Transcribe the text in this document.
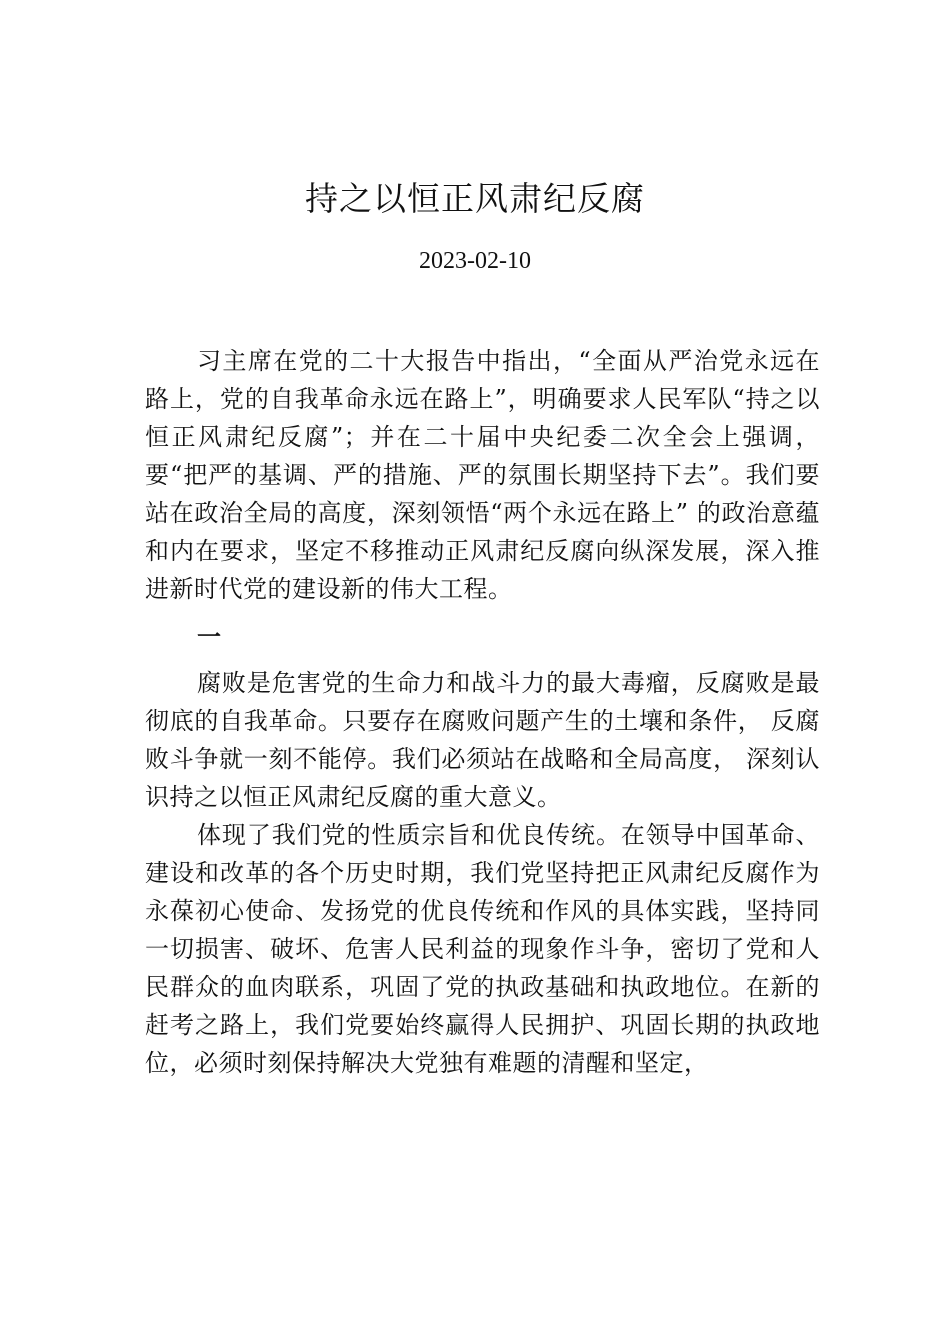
持之以恒正风肃纪反腐
2023-02-10

习主席在党的二十大报告中指出，“全面从严治党永远在路上，党的自我革命永远在路上”，明确要求人民军队“持之以恒正风肃纪反腐”；并在二十届中央纪委二次全会上强调，要“把严的基调、严的措施、严的氛围长期坚持下去”。我们要站在政治全局的高度，深刻领悟“两个永远在路上” 的政治意蕴和内在要求，坚定不移推动正风肃纪反腐向纵深发展，深入推进新时代党的建设新的伟大工程。

一

腐败是危害党的生命力和战斗力的最大毒瘤，反腐败是最彻底的自我革命。只要存在腐败问题产生的土壤和条件， 反腐败斗争就一刻不能停。我们必须站在战略和全局高度， 深刻认识持之以恒正风肃纪反腐的重大意义。

体现了我们党的性质宗旨和优良传统。在领导中国革命、建设和改革的各个历史时期，我们党坚持把正风肃纪反腐作为永葆初心使命、发扬党的优良传统和作风的具体实践，坚持同一切损害、破坏、危害人民利益的现象作斗争，密切了党和人民群众的血肉联系，巩固了党的执政基础和执政地位。在新的赶考之路上，我们党要始终赢得人民拥护、巩固长期的执政地位，必须时刻保持解决大党独有难题的清醒和坚定，
